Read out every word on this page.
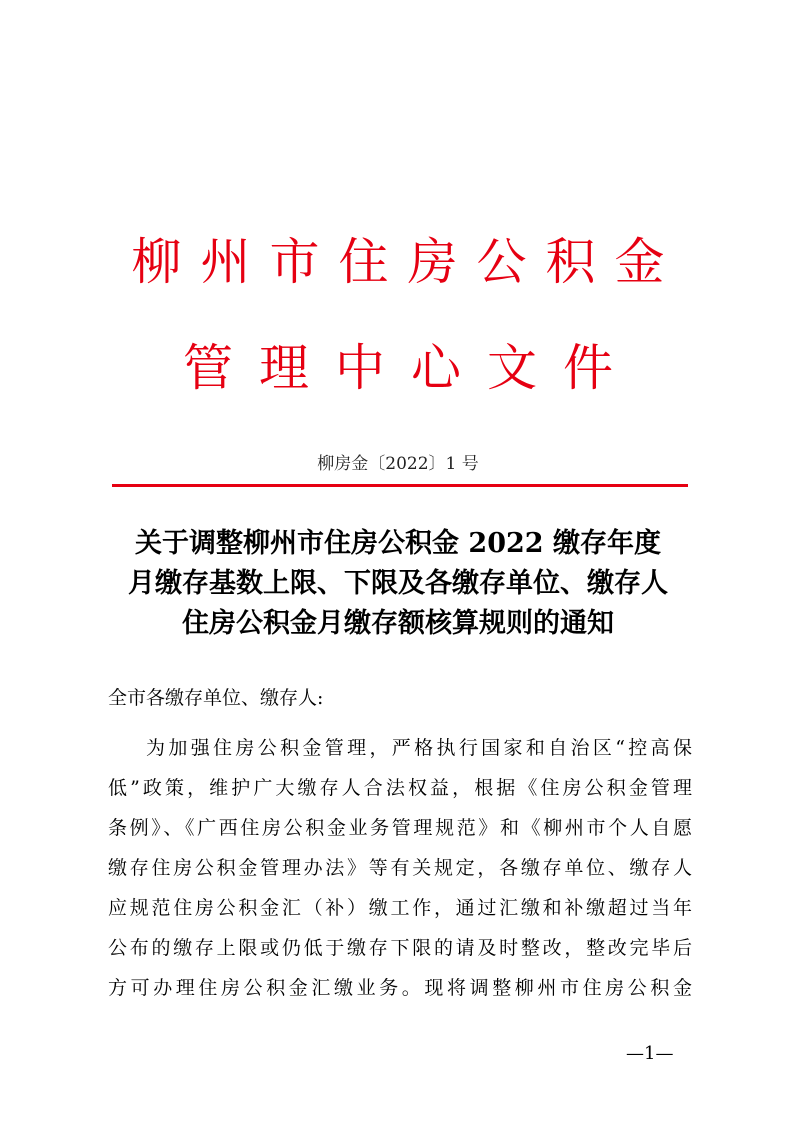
柳州市住房公积金
管理中心文件
柳房金〔2022〕1 号
关于调整柳州市住房公积金 2022 缴存年度
月缴存基数上限、下限及各缴存单位、缴存人
住房公积金月缴存额核算规则的通知
全市各缴存单位、缴存人:
为加强住房公积金管理，严格执行国家和自治区“控高保
低”政策，维护广大缴存人合法权益，根据《住房公积金管理
条例》、《广西住房公积金业务管理规范》和《柳州市个人自愿
缴存住房公积金管理办法》等有关规定，各缴存单位、缴存人
应规范住房公积金汇（补）缴工作，通过汇缴和补缴超过当年
公布的缴存上限或仍低于缴存下限的请及时整改，整改完毕后
方可办理住房公积金汇缴业务。现将调整柳州市住房公积金
—1—
